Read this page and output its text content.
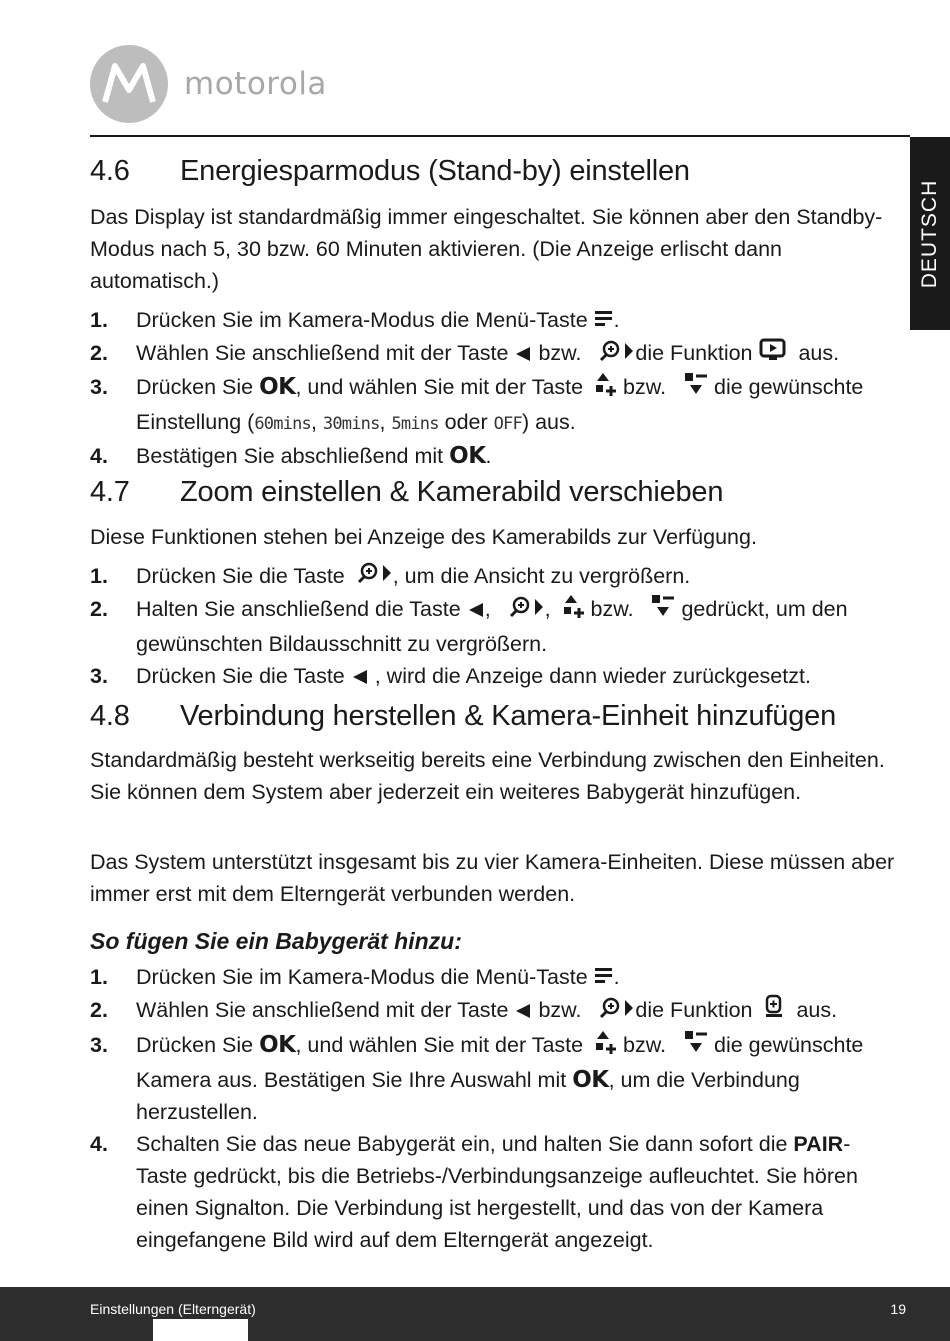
motorola
DEUTSCH
4.6 Energiesparmodus (Stand-by) einstellen

Das Display ist standardmäßig immer eingeschaltet. Sie können aber den Standby-Modus nach 5, 30 bzw. 60 Minuten aktivieren. (Die Anzeige erlischt dann automatisch.)

1. Drücken Sie im Kamera-Modus die Menü-Taste .
2. Wählen Sie anschließend mit der Taste bzw.	die Funktion aus.
3. Drücken Sie OK, und wählen Sie mit der Taste bzw. die gewünschte Einstellung (60mins, 30mins, 5mins oder OFF) aus.
4. Bestätigen Sie abschließend mit OK.
4.7 Zoom einstellen & Kamerabild verschieben

Diese Funktionen stehen bei Anzeige des Kamerabilds zur Verfügung.

1. Drücken Sie die Taste , um die Ansicht zu vergrößern.
2. Halten Sie anschließend die Taste ,	, bzw. gedrückt, um den gewünschten Bildausschnitt zu vergrößern.
3. Drücken Sie die Taste , wird die Anzeige dann wieder zurückgesetzt.
4.8 Verbindung herstellen & Kamera-Einheit hinzufügen

Standardmäßig besteht werkseitig bereits eine Verbindung zwischen den Einheiten. Sie können dem System aber jederzeit ein weiteres Babygerät hinzufügen.

Das System unterstützt insgesamt bis zu vier Kamera-Einheiten. Diese müssen aber immer erst mit dem Elterngerät verbunden werden.

So fügen Sie ein Babygerät hinzu:

1. Drücken Sie im Kamera-Modus die Menü-Taste .
2. Wählen Sie anschließend mit der Taste bzw.	die Funktion aus.
3. Drücken Sie OK, und wählen Sie mit der Taste bzw. die gewünschte Kamera aus. Bestätigen Sie Ihre Auswahl mit OK, um die Verbindung herzustellen.
4. Schalten Sie das neue Babygerät ein, und halten Sie dann sofort die PAIR-Taste gedrückt, bis die Betriebs-/Verbindungsanzeige aufleuchtet. Sie hören einen Signalton. Die Verbindung ist hergestellt, und das von der Kamera eingefangene Bild wird auf dem Elterngerät angezeigt.
Einstellungen (Elterngerät)	19
